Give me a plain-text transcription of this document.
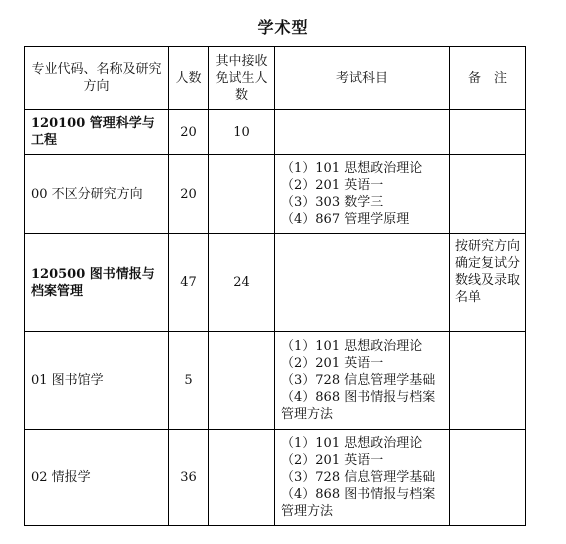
学术型
专业代码、名称及研究方向	人数	其中接收免试生人数	考试科目	备　注
120100 管理科学与工程	20	10		
00 不区分研究方向	20		（1）101 思想政治理论
（2）201 英语一
（3）303 数学三
（4）867 管理学原理	

120500 图书情报与档案管理	47	24		按研究方向确定复试分数线及录取名单
01 图书馆学	5		（1）101 思想政治理论
（2）201 英语一
（3）728 信息管理学基础
（4）868 图书情报与档案管理方法	

02 情报学	36		（1）101 思想政治理论
（2）201 英语一
（3）728 信息管理学基础
（4）868 图书情报与档案管理方法	
